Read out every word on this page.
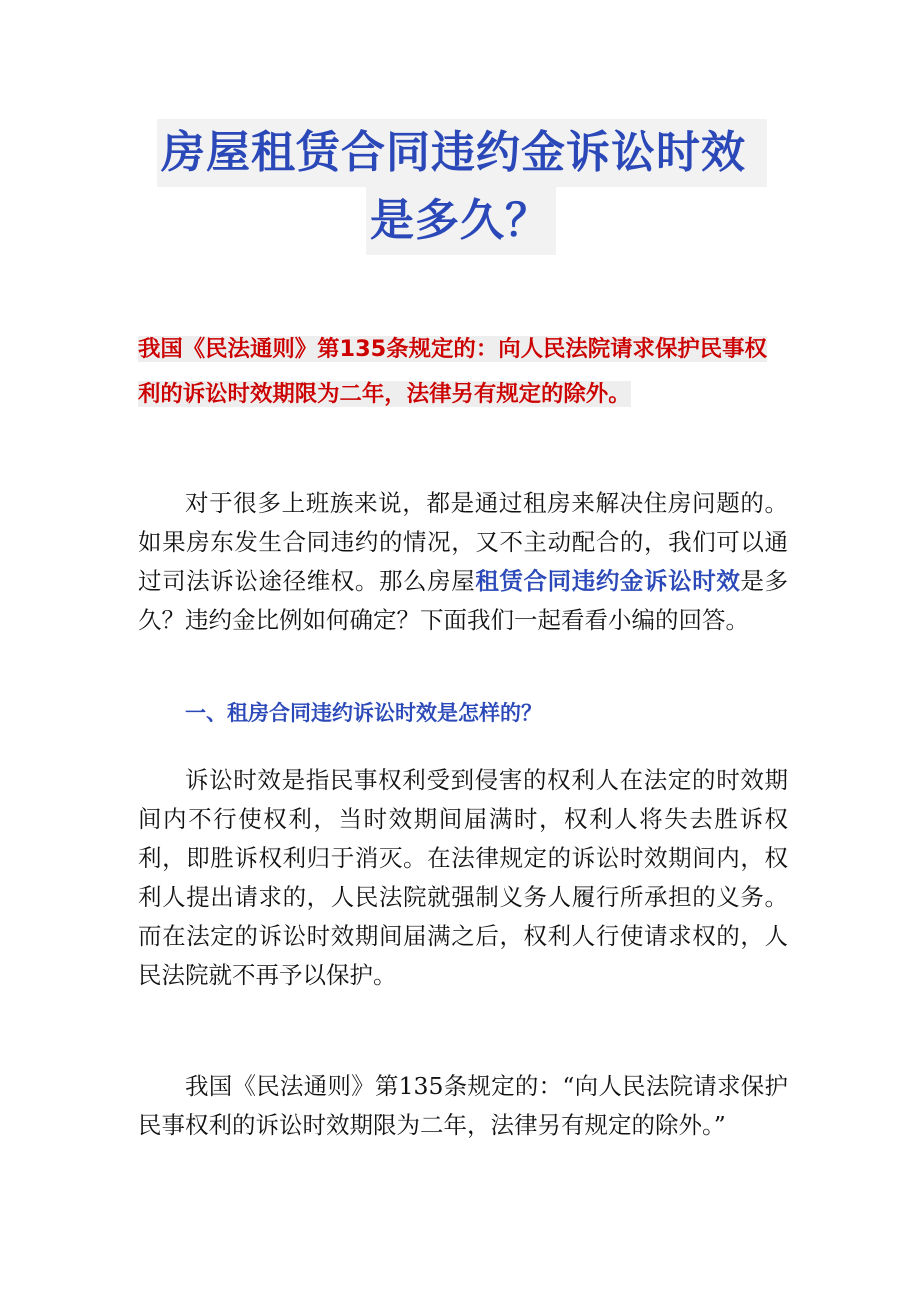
房屋租赁合同违约金诉讼时效
是多久？
我国《民法通则》第135条规定的：向人民法院请求保护民事权
利的诉讼时效期限为二年，法律另有规定的除外。
对于很多上班族来说，都是通过租房来解决住房问题的。如果房东发生合同违约的情况，又不主动配合的，我们可以通过司法诉讼途径维权。那么房屋租赁合同违约金诉讼时效是多久？违约金比例如何确定？下面我们一起看看小编的回答。
一、租房合同违约诉讼时效是怎样的？
诉讼时效是指民事权利受到侵害的权利人在法定的时效期间内不行使权利，当时效期间届满时，权利人将失去胜诉权利，即胜诉权利归于消灭。在法律规定的诉讼时效期间内，权利人提出请求的，人民法院就强制义务人履行所承担的义务。而在法定的诉讼时效期间届满之后，权利人行使请求权的，人民法院就不再予以保护。
我国《民法通则》第135条规定的：“向人民法院请求保护民事权利的诉讼时效期限为二年，法律另有规定的除外。”
